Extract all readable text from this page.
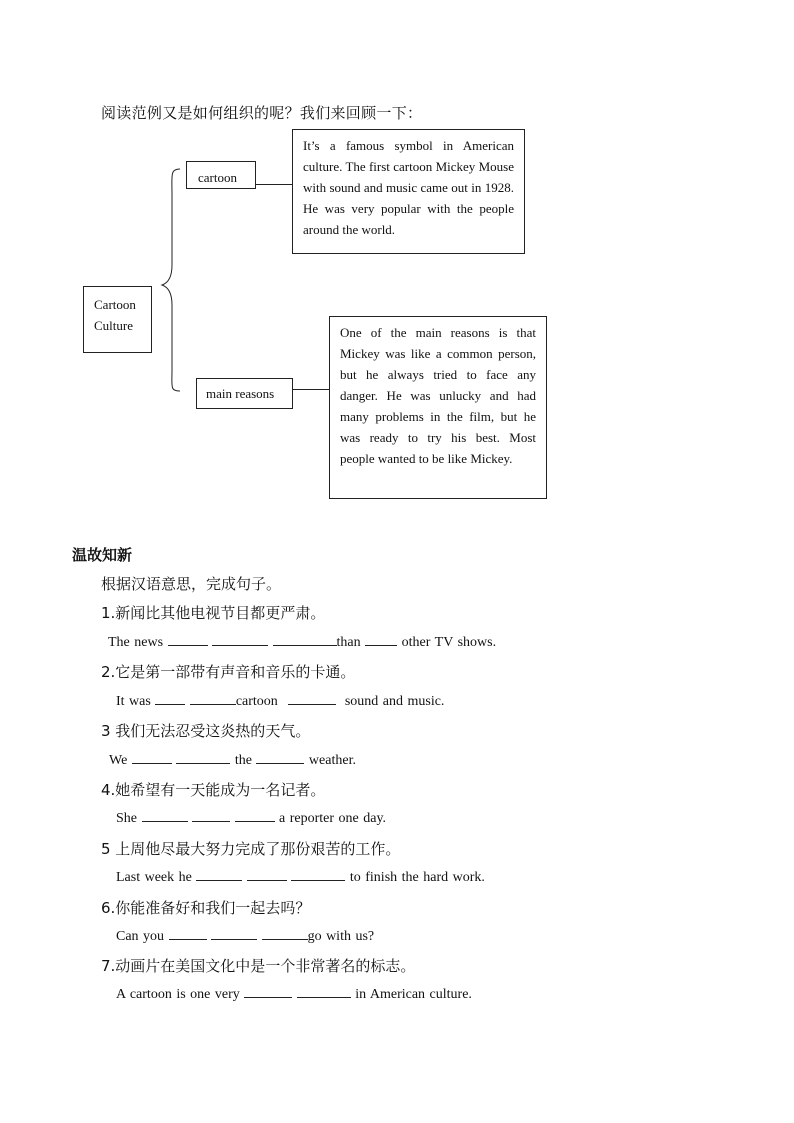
阅读范例又是如何组织的呢？我们来回顾一下：
Cartoon
Culture
cartoon
It’s a famous symbol in American culture. The first cartoon Mickey Mouse with sound and music came out in 1928. He was very popular with the people around the world.
main reasons
One of the main reasons is that Mickey was like a common person, but he always tried to face any danger. He was unlucky and had many problems in the film, but he was ready to try his best. Most people wanted to be like Mickey.
温故知新
根据汉语意思，完成句子。
1.新闻比其他电视节目都更严肃。
The news	than	other TV shows.
2.它是第一部带有声音和音乐的卡通。
It was	cartoon	sound and music.
3 我们无法忍受这炎热的天气。
We	the	weather.
4.她希望有一天能成为一名记者。
She	a reporter one day.
5 上周他尽最大努力完成了那份艰苦的工作。
Last week he	to finish the hard work.
6.你能准备好和我们一起去吗？
Can you	go with us?
7.动画片在美国文化中是一个非常著名的标志。
A cartoon is one very	in American culture.
